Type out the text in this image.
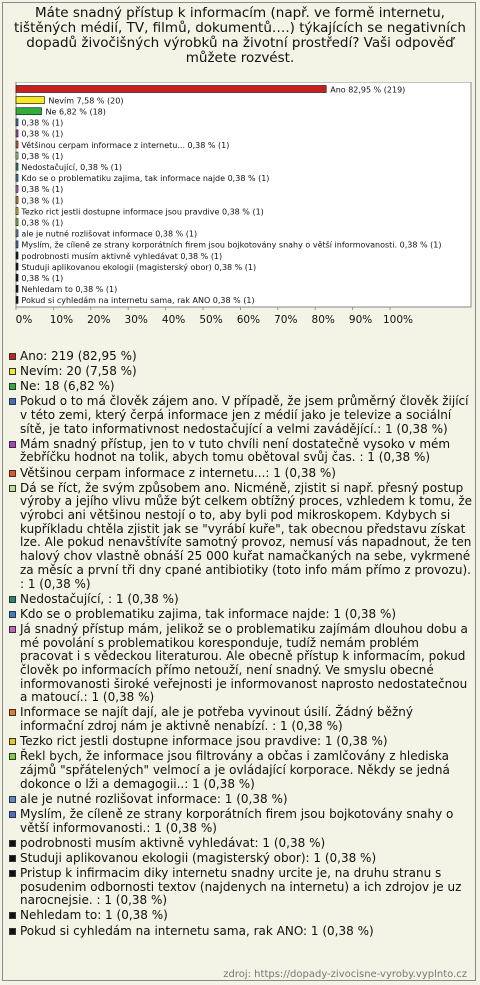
Máte snadný přístup k informacím (např. ve formě internetu, tištěných médií, TV, filmů, dokumentů….) týkajících se negativních dopadů živočišných výrobků na životní prostředí? Vaši odpověď můžete rozvést.
Ano 82,95 % (219)
Nevím 7,58 % (20)
Ne 6,82 % (18)
0,38 % (1)
0,38 % (1)
Většinou cerpam informace z internetu... 0,38 % (1)
0,38 % (1)
Nedostačující, 0,38 % (1)
Kdo se o problematiku zajima, tak informace najde 0,38 % (1)
0,38 % (1)
0,38 % (1)
Tezko rict jestli dostupne informace jsou pravdive 0,38 % (1)
0,38 % (1)
ale je nutné rozlišovat informace 0,38 % (1)
Myslím, že cíleně ze strany korporátních firem jsou bojkotovány snahy o větší informovanosti. 0,38 % (1)
podrobnosti musím aktivně vyhledávat 0,38 % (1)
Studuji aplikovanou ekologii (magisterský obor) 0,38 % (1)
0,38 % (1)
Nehledam to 0,38 % (1)
Pokud si cyhledám na internetu sama, rak ANO 0,38 % (1)
0% 10% 20% 30% 40% 50% 60% 70% 80% 90% 100%
Ano: 219 (82,95 %)
Nevím: 20 (7,58 %)
Ne: 18 (6,82 %)
Pokud o to má člověk zájem ano. V případě, že jsem průměrný člověk žijící v této zemi, který čerpá informace jen z médií jako je televize a sociální sítě, je tato informativnost nedostačující a velmi zavádějící.: 1 (0,38 %)
Mám snadný přístup, jen to v tuto chvíli není dostatečně vysoko v mém žebříčku hodnot na tolik, abych tomu obětoval svůj čas. : 1 (0,38 %)
Většinou cerpam informace z internetu...: 1 (0,38 %)
Dá se říct, že svým způsobem ano. Nicméně, zjistit si např. přesný postup výroby a jejího vlivu může být celkem obtížný proces, vzhledem k tomu, že výrobci ani většinou nestojí o to, aby byli pod mikroskopem. Kdybych si kupříkladu chtěla zjistit jak se "vyrábí kuře", tak obecnou představu získat lze. Ale pokud nenavštívíte samotný provoz, nemusí vás napadnout, že ten halový chov vlastně obnáší 25 000 kuřat namačkaných na sebe, vykrmené za měsíc a první tři dny cpané antibiotiky (toto info mám přímo z provozu). : 1 (0,38 %)
Nedostačující, : 1 (0,38 %)
Kdo se o problematiku zajima, tak informace najde: 1 (0,38 %)
Já snadný přístup mám, jelikož se o problematiku zajímám dlouhou dobu a mé povolání s problematikou koresponduje, tudíž nemám problém pracovat i s vědeckou literaturou. Ale obecně přístup k informacím, pokud člověk po informacích přímo netouží, není snadný. Ve smyslu obecné informovanosti široké veřejnosti je informovanost naprosto nedostatečnou a matoucí.: 1 (0,38 %)
Informace se najít dají, ale je potřeba vyvinout úsilí. Žádný běžný informační zdroj nám je aktivně nenabízí. : 1 (0,38 %)
Tezko rict jestli dostupne informace jsou pravdive: 1 (0,38 %)
Řekl bych, že informace jsou filtrovány a občas i zamlčovány z hlediska zájmů "spřátelených" velmocí a je ovládající korporace. Někdy se jedná dokonce o lži a demagogii..: 1 (0,38 %)
ale je nutné rozlišovat informace: 1 (0,38 %)
Myslím, že cíleně ze strany korporátních firem jsou bojkotovány snahy o větší informovanosti.: 1 (0,38 %)
podrobnosti musím aktivně vyhledávat: 1 (0,38 %)
Studuji aplikovanou ekologii (magisterský obor): 1 (0,38 %)
Pristup k infirmacim diky internetu snadny urcite je, na druhu stranu s posudenim odbornosti textov (najdenych na internetu) a ich zdrojov je uz narocnejsie. : 1 (0,38 %)
Nehledam to: 1 (0,38 %)
Pokud si cyhledám na internetu sama, rak ANO: 1 (0,38 %)
zdroj: https://dopady-zivocisne-vyroby.vyplnto.cz
